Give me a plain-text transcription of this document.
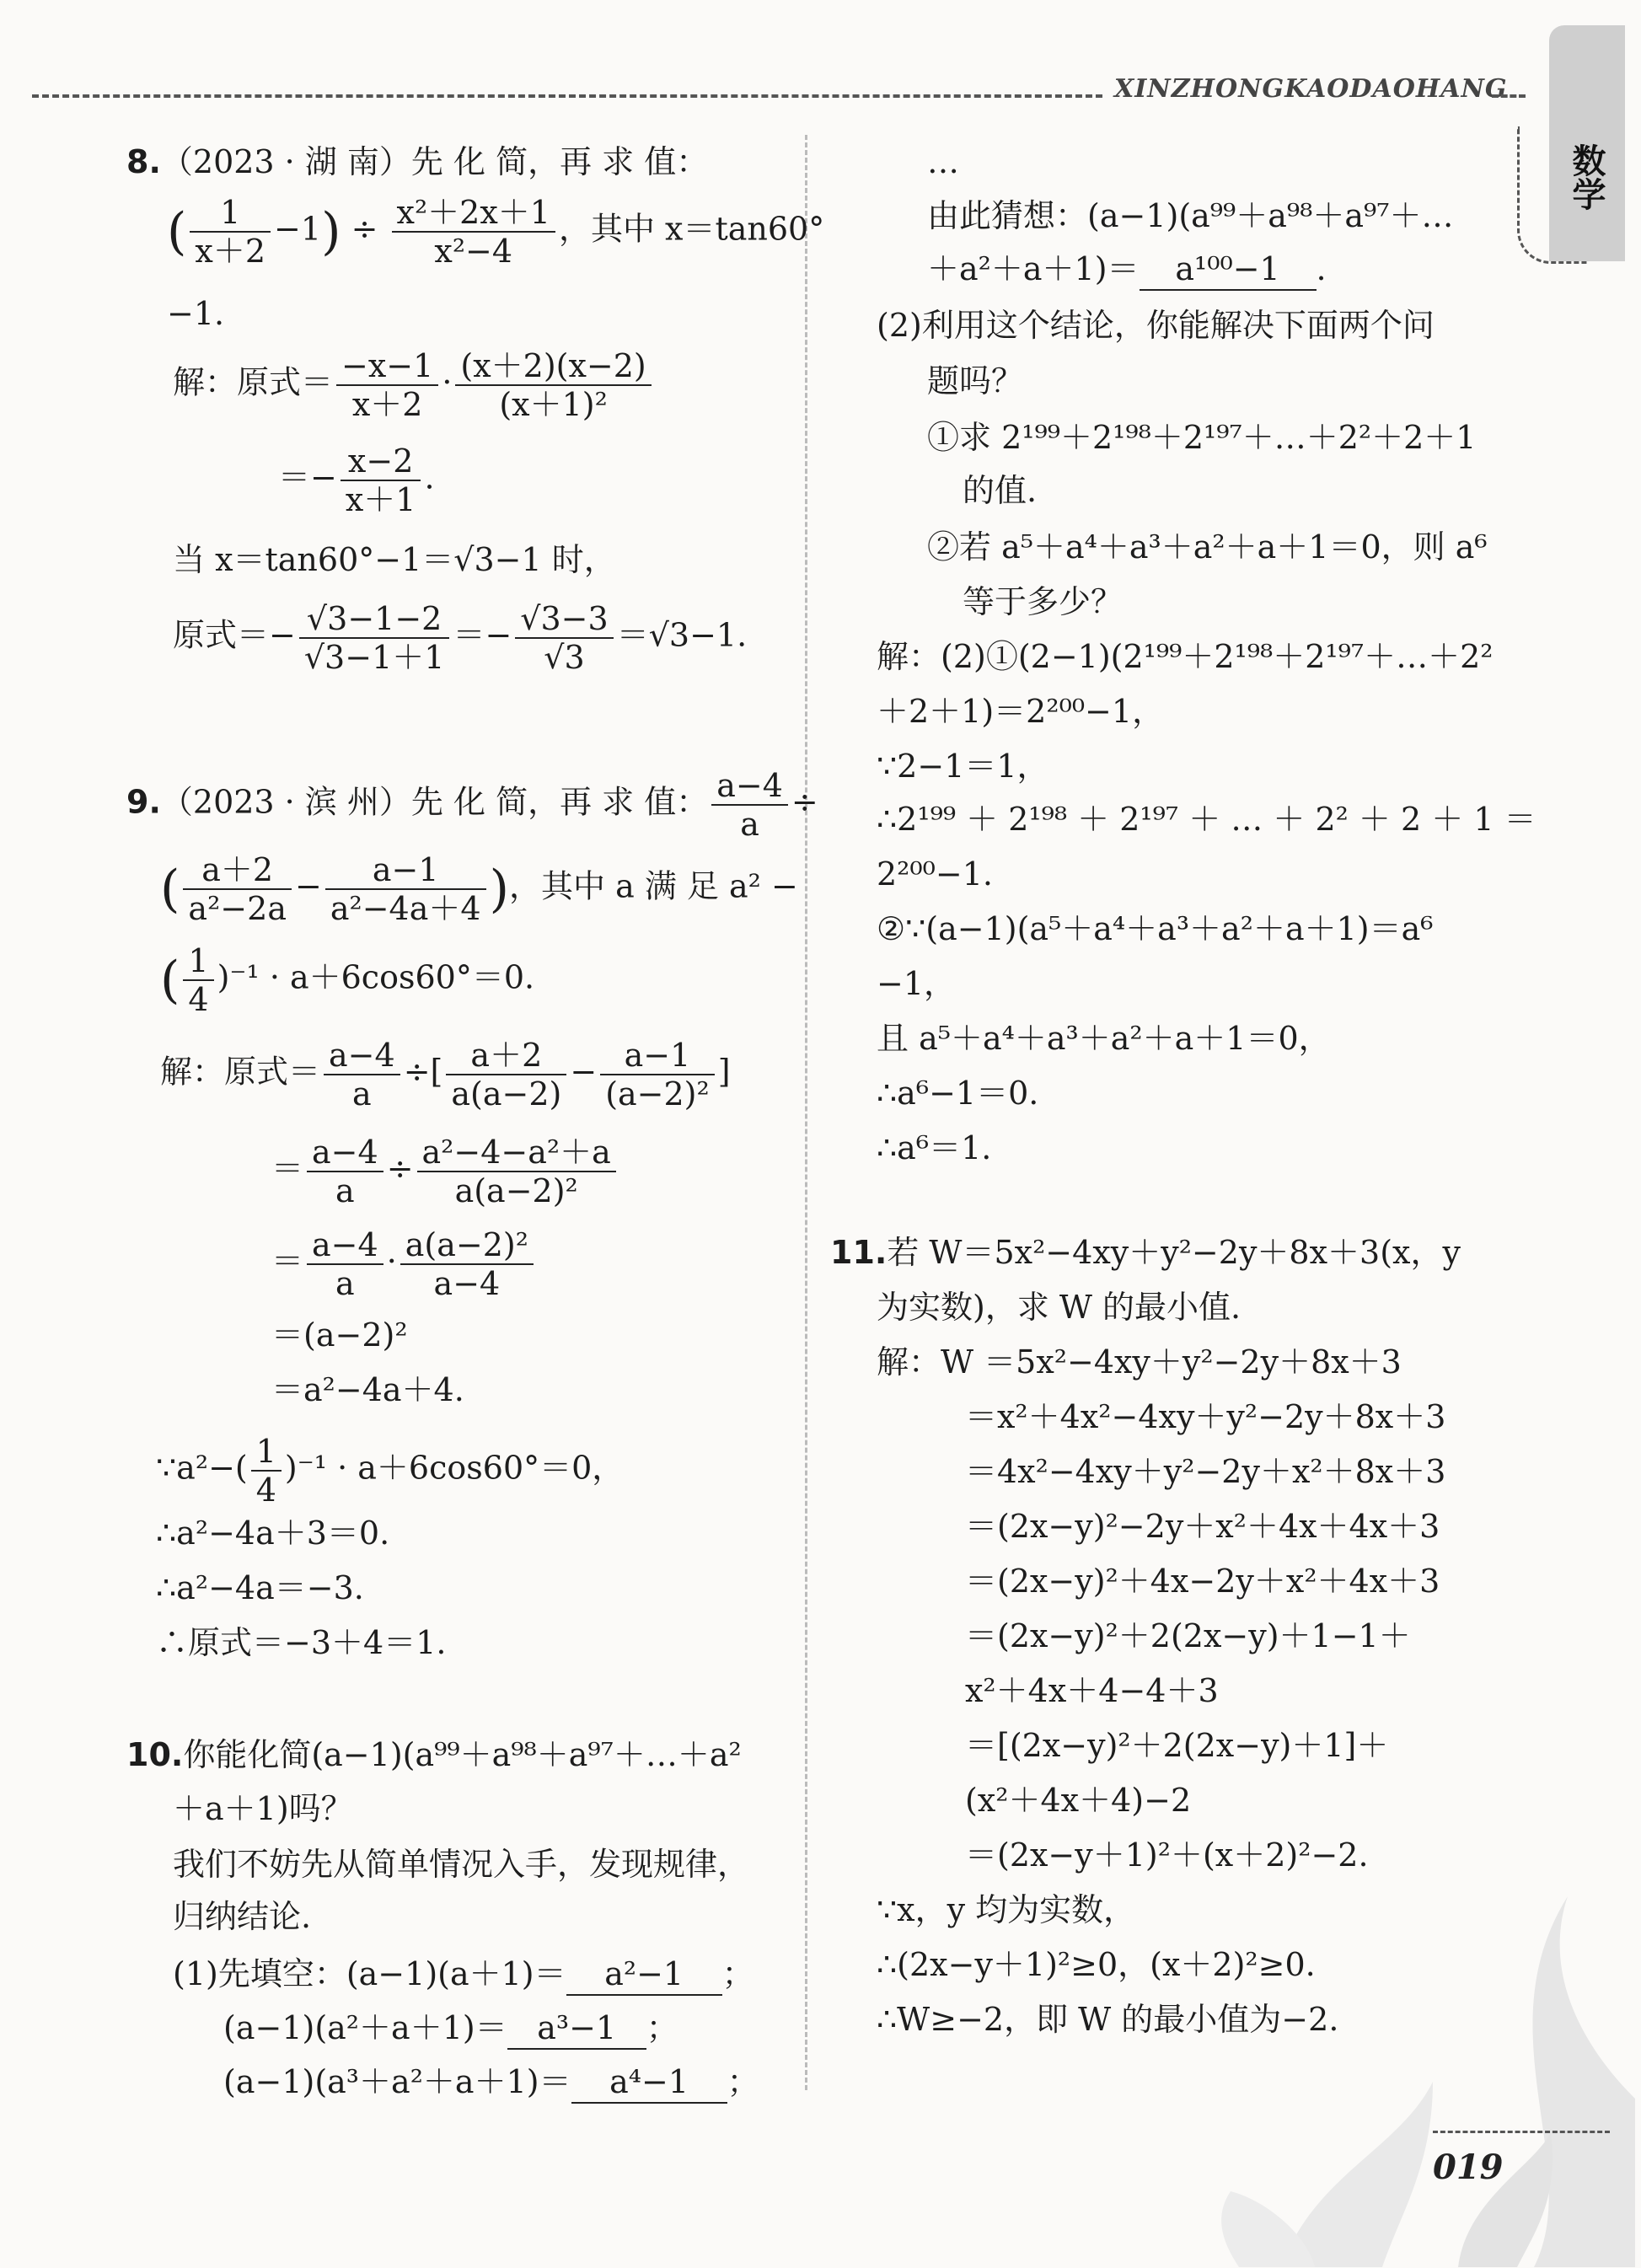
XINZHONGKAODAOHANG
数学
8.（2023 · 湖 南）先 化 简，再 求 值：
( $\frac{1}{x+2} -1) \div \frac{\text{x²＋2x＋1}}{\text{x²−4}}$ ，其中 x＝tan60°
−1.
解：原式＝ $\frac{-x-1}{x+2} \cdot \frac{(x+2)(x-2)}{\text{(x＋1)²}}$
＝− $\frac{x-2}{x+1}$ .
当 x＝tan60°−1＝√3−1 时，
原式＝− $\frac{√3-1-2}{√3-1+1} =- \frac{√3-3}{√3} =√3-1$.
9.（2023 · 滨 州）先 化 简，再 求 值： $\frac{a-4}{a}$ ÷
( $\frac{a+2}{\text{a²−2a}} - \frac{a-1}{\text{a²−4a＋4}}$ )，其中 a 满 足 a² −
( $\frac{1}{4} )^{-1} \cdot a+6\cos 60^\circ=0$.
解：原式＝ $\frac{a-4}{a}$ ÷[ $\frac{a+2}{a(a-2)} - \frac{a-1}{\text{(a−2)²}}$ ]
＝ $\frac{a-4}{a} \div \frac{\text{a²−4−a²＋a}}{\text{a(a−2)²}}$
＝ $\frac{a-4}{a} \cdot \frac{\text{a(a−2)²}}{a-4}$
＝(a−2)²
＝a²−4a＋4.
∵a²−( $\frac{1}{4} )^{-1} \cdot a+6\cos 60^\circ=0$，
∴a²−4a＋3＝0.
∴a²−4a＝−3.
∴原式＝−3＋4＝1.
10.你能化简(a−1)(a⁹⁹＋a⁹⁸＋a⁹⁷＋…＋a²
＋a＋1)吗？
我们不妨先从简单情况入手，发现规律，
归纳结论.
(1)先填空：(a−1)(a＋1)＝ a²−1 ；
(a−1)(a²＋a＋1)＝ a³−1 ；
(a−1)(a³＋a²＋a＋1)＝ a⁴−1 ；
…
由此猜想：(a−1)(a⁹⁹＋a⁹⁸＋a⁹⁷＋…
＋a²＋a＋1)＝ a¹⁰⁰−1 .
(2)利用这个结论，你能解决下面两个问
题吗？
①求 2¹⁹⁹＋2¹⁹⁸＋2¹⁹⁷＋…＋2²＋2＋1
的值.
②若 a⁵＋a⁴＋a³＋a²＋a＋1＝0，则 a⁶
等于多少？
解：(2)①(2−1)(2¹⁹⁹＋2¹⁹⁸＋2¹⁹⁷＋…＋2²
＋2＋1)＝2²⁰⁰−1，
∵2−1＝1，
∴2¹⁹⁹ ＋ 2¹⁹⁸ ＋ 2¹⁹⁷ ＋ … ＋ 2² ＋ 2 ＋ 1 ＝
2²⁰⁰−1.
②∵(a−1)(a⁵＋a⁴＋a³＋a²＋a＋1)＝a⁶
−1，
且 a⁵＋a⁴＋a³＋a²＋a＋1＝0，
∴a⁶−1＝0.
∴a⁶＝1.
11.若 W＝5x²−4xy＋y²−2y＋8x＋3(x，y
为实数)，求 W 的最小值.
解：W ＝5x²−4xy＋y²−2y＋8x＋3
＝x²＋4x²−4xy＋y²−2y＋8x＋3
＝4x²−4xy＋y²−2y＋x²＋8x＋3
＝(2x−y)²−2y＋x²＋4x＋4x＋3
＝(2x−y)²＋4x−2y＋x²＋4x＋3
＝(2x−y)²＋2(2x−y)＋1−1＋
x²＋4x＋4−4＋3
＝[(2x−y)²＋2(2x−y)＋1]＋
(x²＋4x＋4)−2
＝(2x−y＋1)²＋(x＋2)²−2.
∵x，y 均为实数，
∴(2x−y＋1)²≥0，(x＋2)²≥0.
∴W≥−2，即 W 的最小值为−2.
019
